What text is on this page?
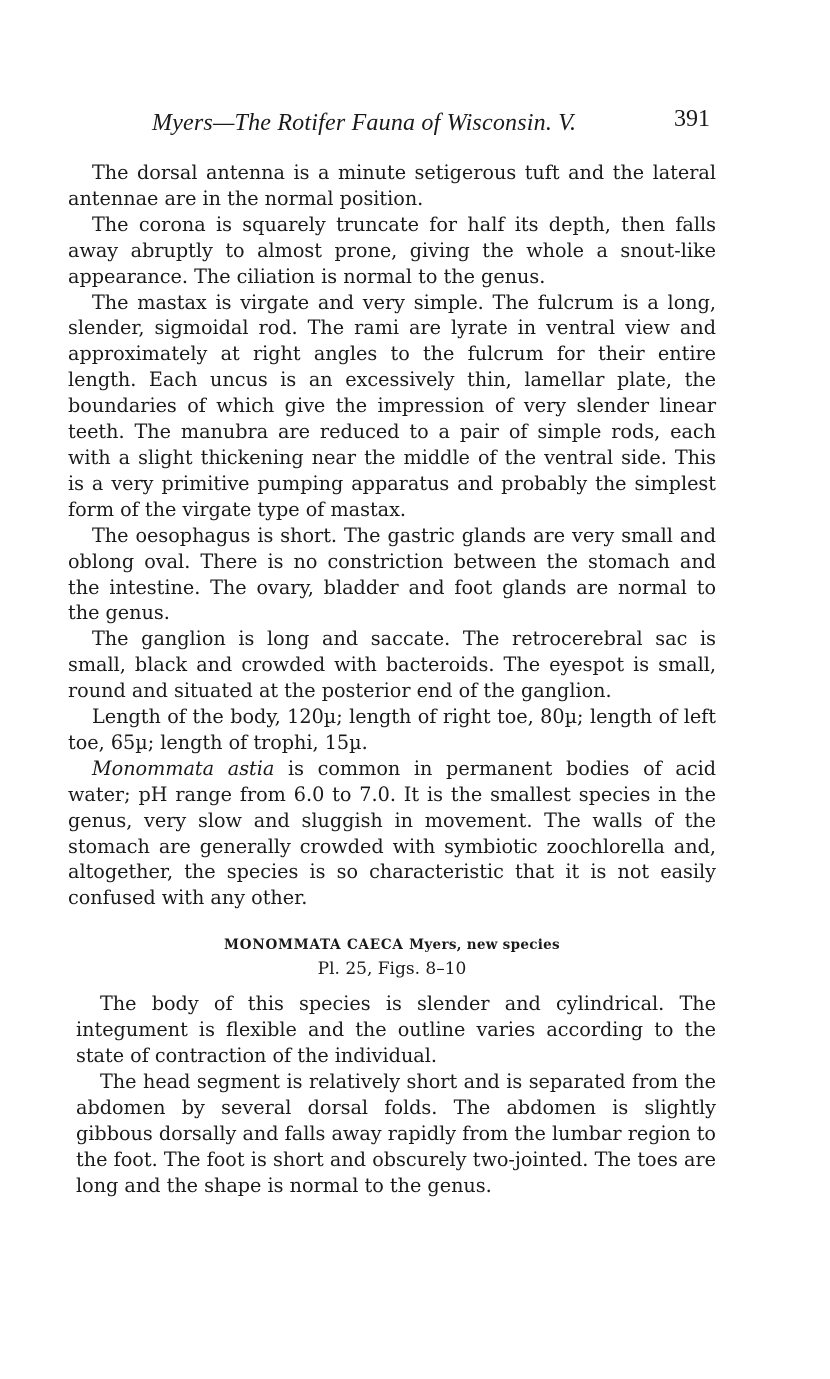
Myers—The Rotifer Fauna of Wisconsin. V.	391

The dorsal antenna is a minute setigerous tuft and the lateral antennae are in the normal position.

The corona is squarely truncate for half its depth, then falls away abruptly to almost prone, giving the whole a snout-like appearance. The ciliation is normal to the genus.

The mastax is virgate and very simple. The fulcrum is a long, slender, sigmoidal rod. The rami are lyrate in ventral view and approximately at right angles to the fulcrum for their entire length. Each uncus is an excessively thin, lamellar plate, the boundaries of which give the impression of very slender linear teeth. The manubra are reduced to a pair of simple rods, each with a slight thickening near the middle of the ventral side. This is a very primitive pumping apparatus and probably the simplest form of the virgate type of mastax.

The oesophagus is short. The gastric glands are very small and oblong oval. There is no constriction between the stomach and the intestine. The ovary, bladder and foot glands are normal to the genus.

The ganglion is long and saccate. The retrocerebral sac is small, black and crowded with bacteroids. The eyespot is small, round and situated at the posterior end of the ganglion.

Length of the body, 120µ; length of right toe, 80µ; length of left toe, 65µ; length of trophi, 15µ.

Monommata astia is common in permanent bodies of acid water; pH range from 6.0 to 7.0. It is the smallest species in the genus, very slow and sluggish in movement. The walls of the stomach are generally crowded with symbiotic zoochlorella and, altogether, the species is so characteristic that it is not easily confused with any other.

MONOMMATA CAECA Myers, new species
Pl. 25, Figs. 8–10

The body of this species is slender and cylindrical. The integument is flexible and the outline varies according to the state of contraction of the individual.

The head segment is relatively short and is separated from the abdomen by several dorsal folds. The abdomen is slightly gibbous dorsally and falls away rapidly from the lumbar region to the foot. The foot is short and obscurely two-jointed. The toes are long and the shape is normal to the genus.
